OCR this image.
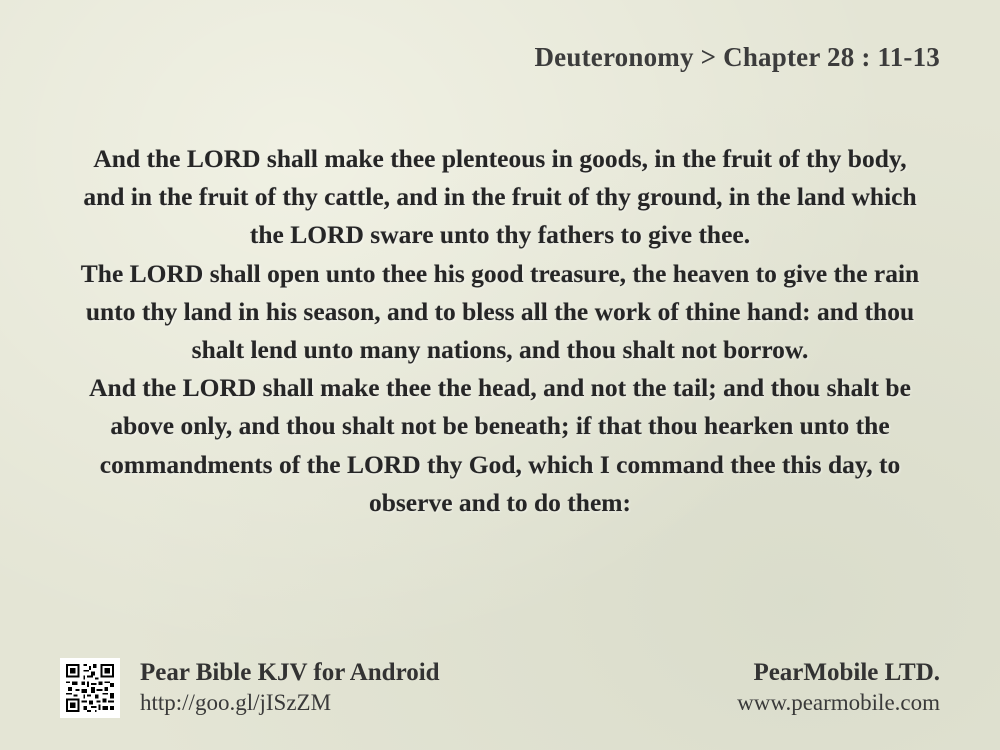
Deuteronomy > Chapter 28 : 11-13
And the LORD shall make thee plenteous in goods, in the fruit of thy body, and in the fruit of thy cattle, and in the fruit of thy ground, in the land which the LORD sware unto thy fathers to give thee.
The LORD shall open unto thee his good treasure, the heaven to give the rain unto thy land in his season, and to bless all the work of thine hand: and thou shalt lend unto many nations, and thou shalt not borrow.
And the LORD shall make thee the head, and not the tail; and thou shalt be above only, and thou shalt not be beneath; if that thou hearken unto the commandments of the LORD thy God, which I command thee this day, to observe and to do them:
Pear Bible KJV for Android
http://goo.gl/jISzZM
PearMobile LTD.
www.pearmobile.com
